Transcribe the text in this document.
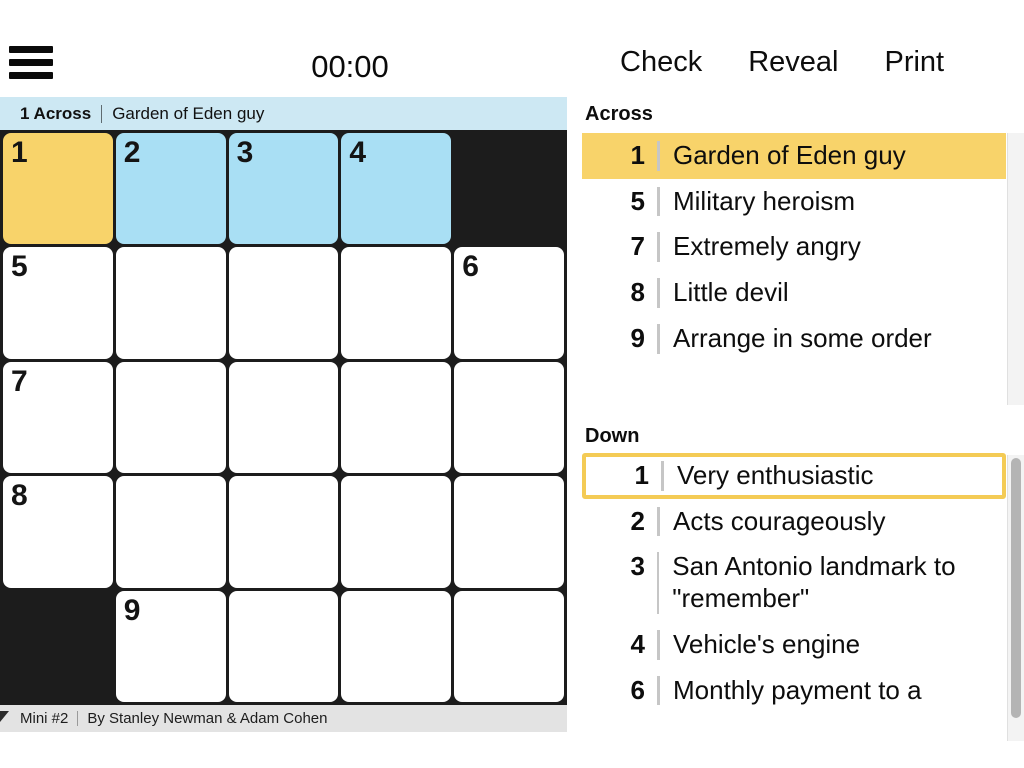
00:00
1 Across Garden of Eden guy
1	2	3	4
5	6
7
8
9
Mini #2 By Stanley Newman & Adam Cohen
Check Reveal Print
Across
1	Garden of Eden guy
5	Military heroism
7	Extremely angry
8	Little devil
9	Arrange in some order
Down
1	Very enthusiastic
2	Acts courageously
3	San Antonio landmark to "remember"
4	Vehicle's engine
6	Monthly payment to a
